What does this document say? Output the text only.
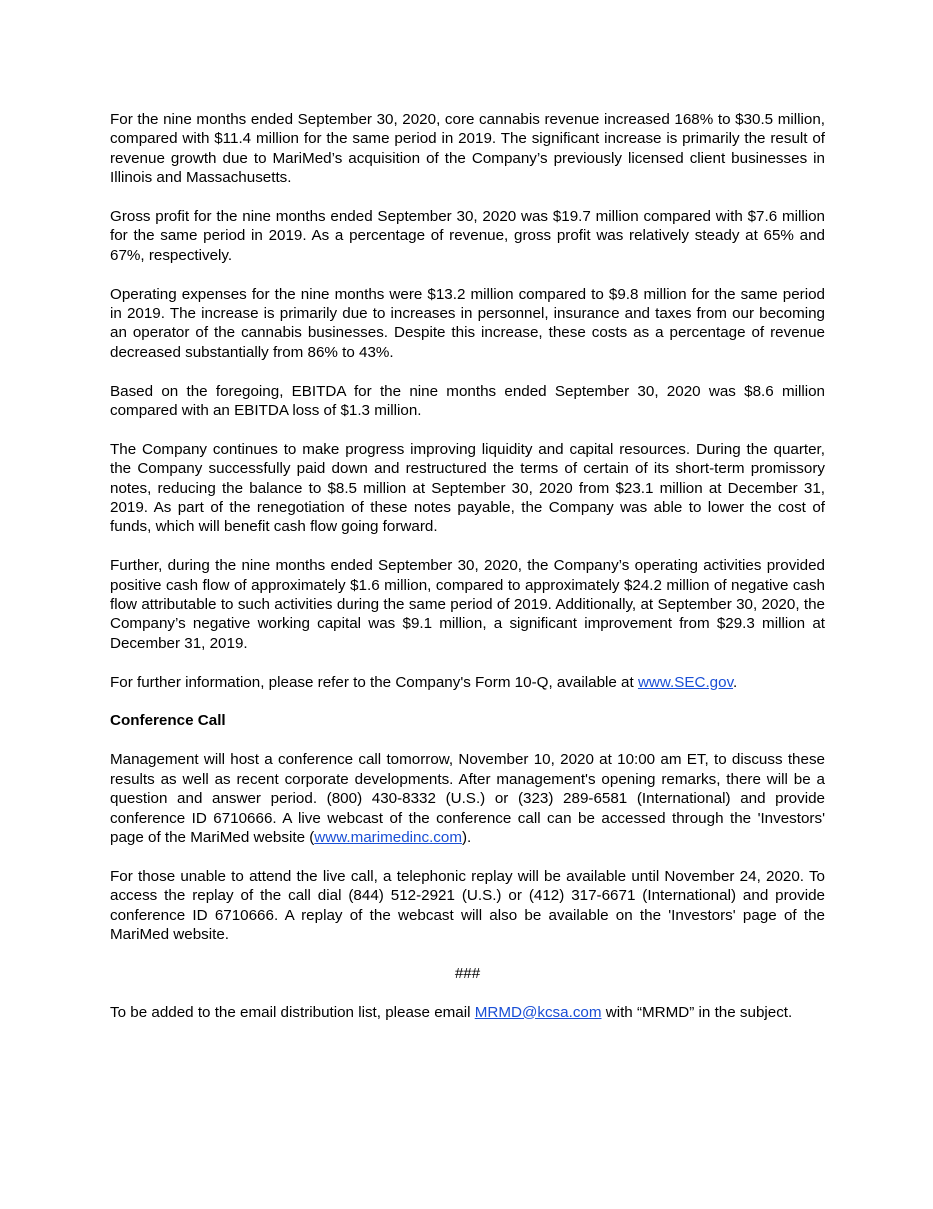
For the nine months ended September 30, 2020, core cannabis revenue increased 168% to $30.5 million, compared with $11.4 million for the same period in 2019. The significant increase is primarily the result of revenue growth due to MariMed’s acquisition of the Company’s previously licensed client businesses in Illinois and Massachusetts.

Gross profit for the nine months ended September 30, 2020 was $19.7 million compared with $7.6 million for the same period in 2019. As a percentage of revenue, gross profit was relatively steady at 65% and 67%, respectively.

Operating expenses for the nine months were $13.2 million compared to $9.8 million for the same period in 2019. The increase is primarily due to increases in personnel, insurance and taxes from our becoming an operator of the cannabis businesses. Despite this increase, these costs as a percentage of revenue decreased substantially from 86% to 43%.

Based on the foregoing, EBITDA for the nine months ended September 30, 2020 was $8.6 million compared with an EBITDA loss of $1.3 million.

The Company continues to make progress improving liquidity and capital resources. During the quarter, the Company successfully paid down and restructured the terms of certain of its short-term promissory notes, reducing the balance to $8.5 million at September 30, 2020 from $23.1 million at December 31, 2019. As part of the renegotiation of these notes payable, the Company was able to lower the cost of funds, which will benefit cash flow going forward.

Further, during the nine months ended September 30, 2020, the Company’s operating activities provided positive cash flow of approximately $1.6 million, compared to approximately $24.2 million of negative cash flow attributable to such activities during the same period of 2019. Additionally, at September 30, 2020, the Company’s negative working capital was $9.1 million, a significant improvement from $29.3 million at December 31, 2019.

For further information, please refer to the Company's Form 10-Q, available at www.SEC.gov.

Conference Call

Management will host a conference call tomorrow, November 10, 2020 at 10:00 am ET, to discuss these results as well as recent corporate developments. After management's opening remarks, there will be a question and answer period. (800) 430-8332 (U.S.) or (323) 289-6581 (International) and provide conference ID 6710666. A live webcast of the conference call can be accessed through the 'Investors' page of the MariMed website (www.marimedinc.com).

For those unable to attend the live call, a telephonic replay will be available until November 24, 2020. To access the replay of the call dial (844) 512-2921 (U.S.) or (412) 317-6671 (International) and provide conference ID 6710666. A replay of the webcast will also be available on the 'Investors' page of the MariMed website.

###

To be added to the email distribution list, please email MRMD@kcsa.com with “MRMD” in the subject.
